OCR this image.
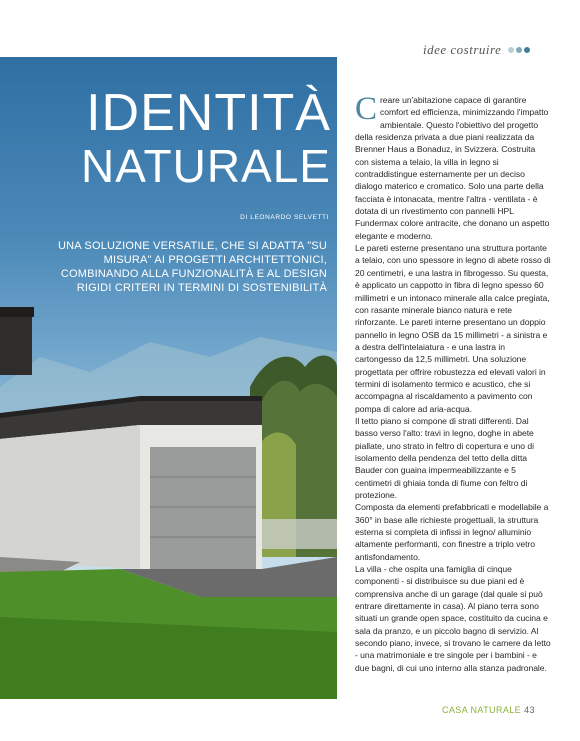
idee costruire
IDENTITÀ
NATURALE
DI LEONARDO SELVETTI
UNA SOLUZIONE VERSATILE, CHE SI ADATTA "SU MISURA" AI PROGETTI ARCHITETTONICI, COMBINANDO ALLA FUNZIONALITÀ E AL DESIGN RIGIDI CRITERI IN TERMINI DI SOSTENIBILITÀ

Creare un'abitazione capace di garantire comfort ed efficienza, minimizzando l'impatto ambientale. Questo l'obiettivo del progetto della residenza privata a due piani realizzata da Brenner Haus a Bonaduz, in Svizzera. Costruita con sistema a telaio, la villa in legno si contraddistingue esternamente per un deciso dialogo materico e cromatico. Solo una parte della facciata è intonacata, mentre l'altra - ventilata - è dotata di un rivestimento con pannelli HPL Fundermax colore antracite, che donano un aspetto elegante e moderno.

Le pareti esterne presentano una struttura portante a telaio, con uno spessore in legno di abete rosso di 20 centimetri, e una lastra in fibrogesso. Su questa, è applicato un cappotto in fibra di legno spesso 60 millimetri e un intonaco minerale alla calce pregiata, con rasante minerale bianco natura e rete rinforzante. Le pareti interne presentano un doppio pannello in legno OSB da 15 millimetri - a sinistra e a destra dell'intelaiatura - e una lastra in cartongesso da 12,5 millimetri. Una soluzione progettata per offrire robustezza ed elevati valori in termini di isolamento termico e acustico, che si accompagna al riscaldamento a pavimento con pompa di calore ad aria-acqua.

Il tetto piano si compone di strati differenti. Dal basso verso l'alto: travi in legno, doghe in abete piallate, uno strato in feltro di copertura e uno di isolamento della pendenza del tetto della ditta Bauder con guaina impermeabilizzante e 5 centimetri di ghiaia tonda di fiume con feltro di protezione.

Composta da elementi prefabbricati e modellabile a 360° in base alle richieste progettuali, la struttura esterna si completa di infissi in legno/ alluminio altamente performanti, con finestre a triplo vetro antisfondamento.

La villa - che ospita una famiglia di cinque componenti - si distribuisce su due piani ed è comprensiva anche di un garage (dal quale si può entrare direttamente in casa). Al piano terra sono situati un grande open space, costituito da cucina e sala da pranzo, e un piccolo bagno di servizio. Al secondo piano, invece, si trovano le camere da letto - una matrimoniale e tre singole per i bambini - e due bagni, di cui uno interno alla stanza padronale.

CASA NATURALE 43
